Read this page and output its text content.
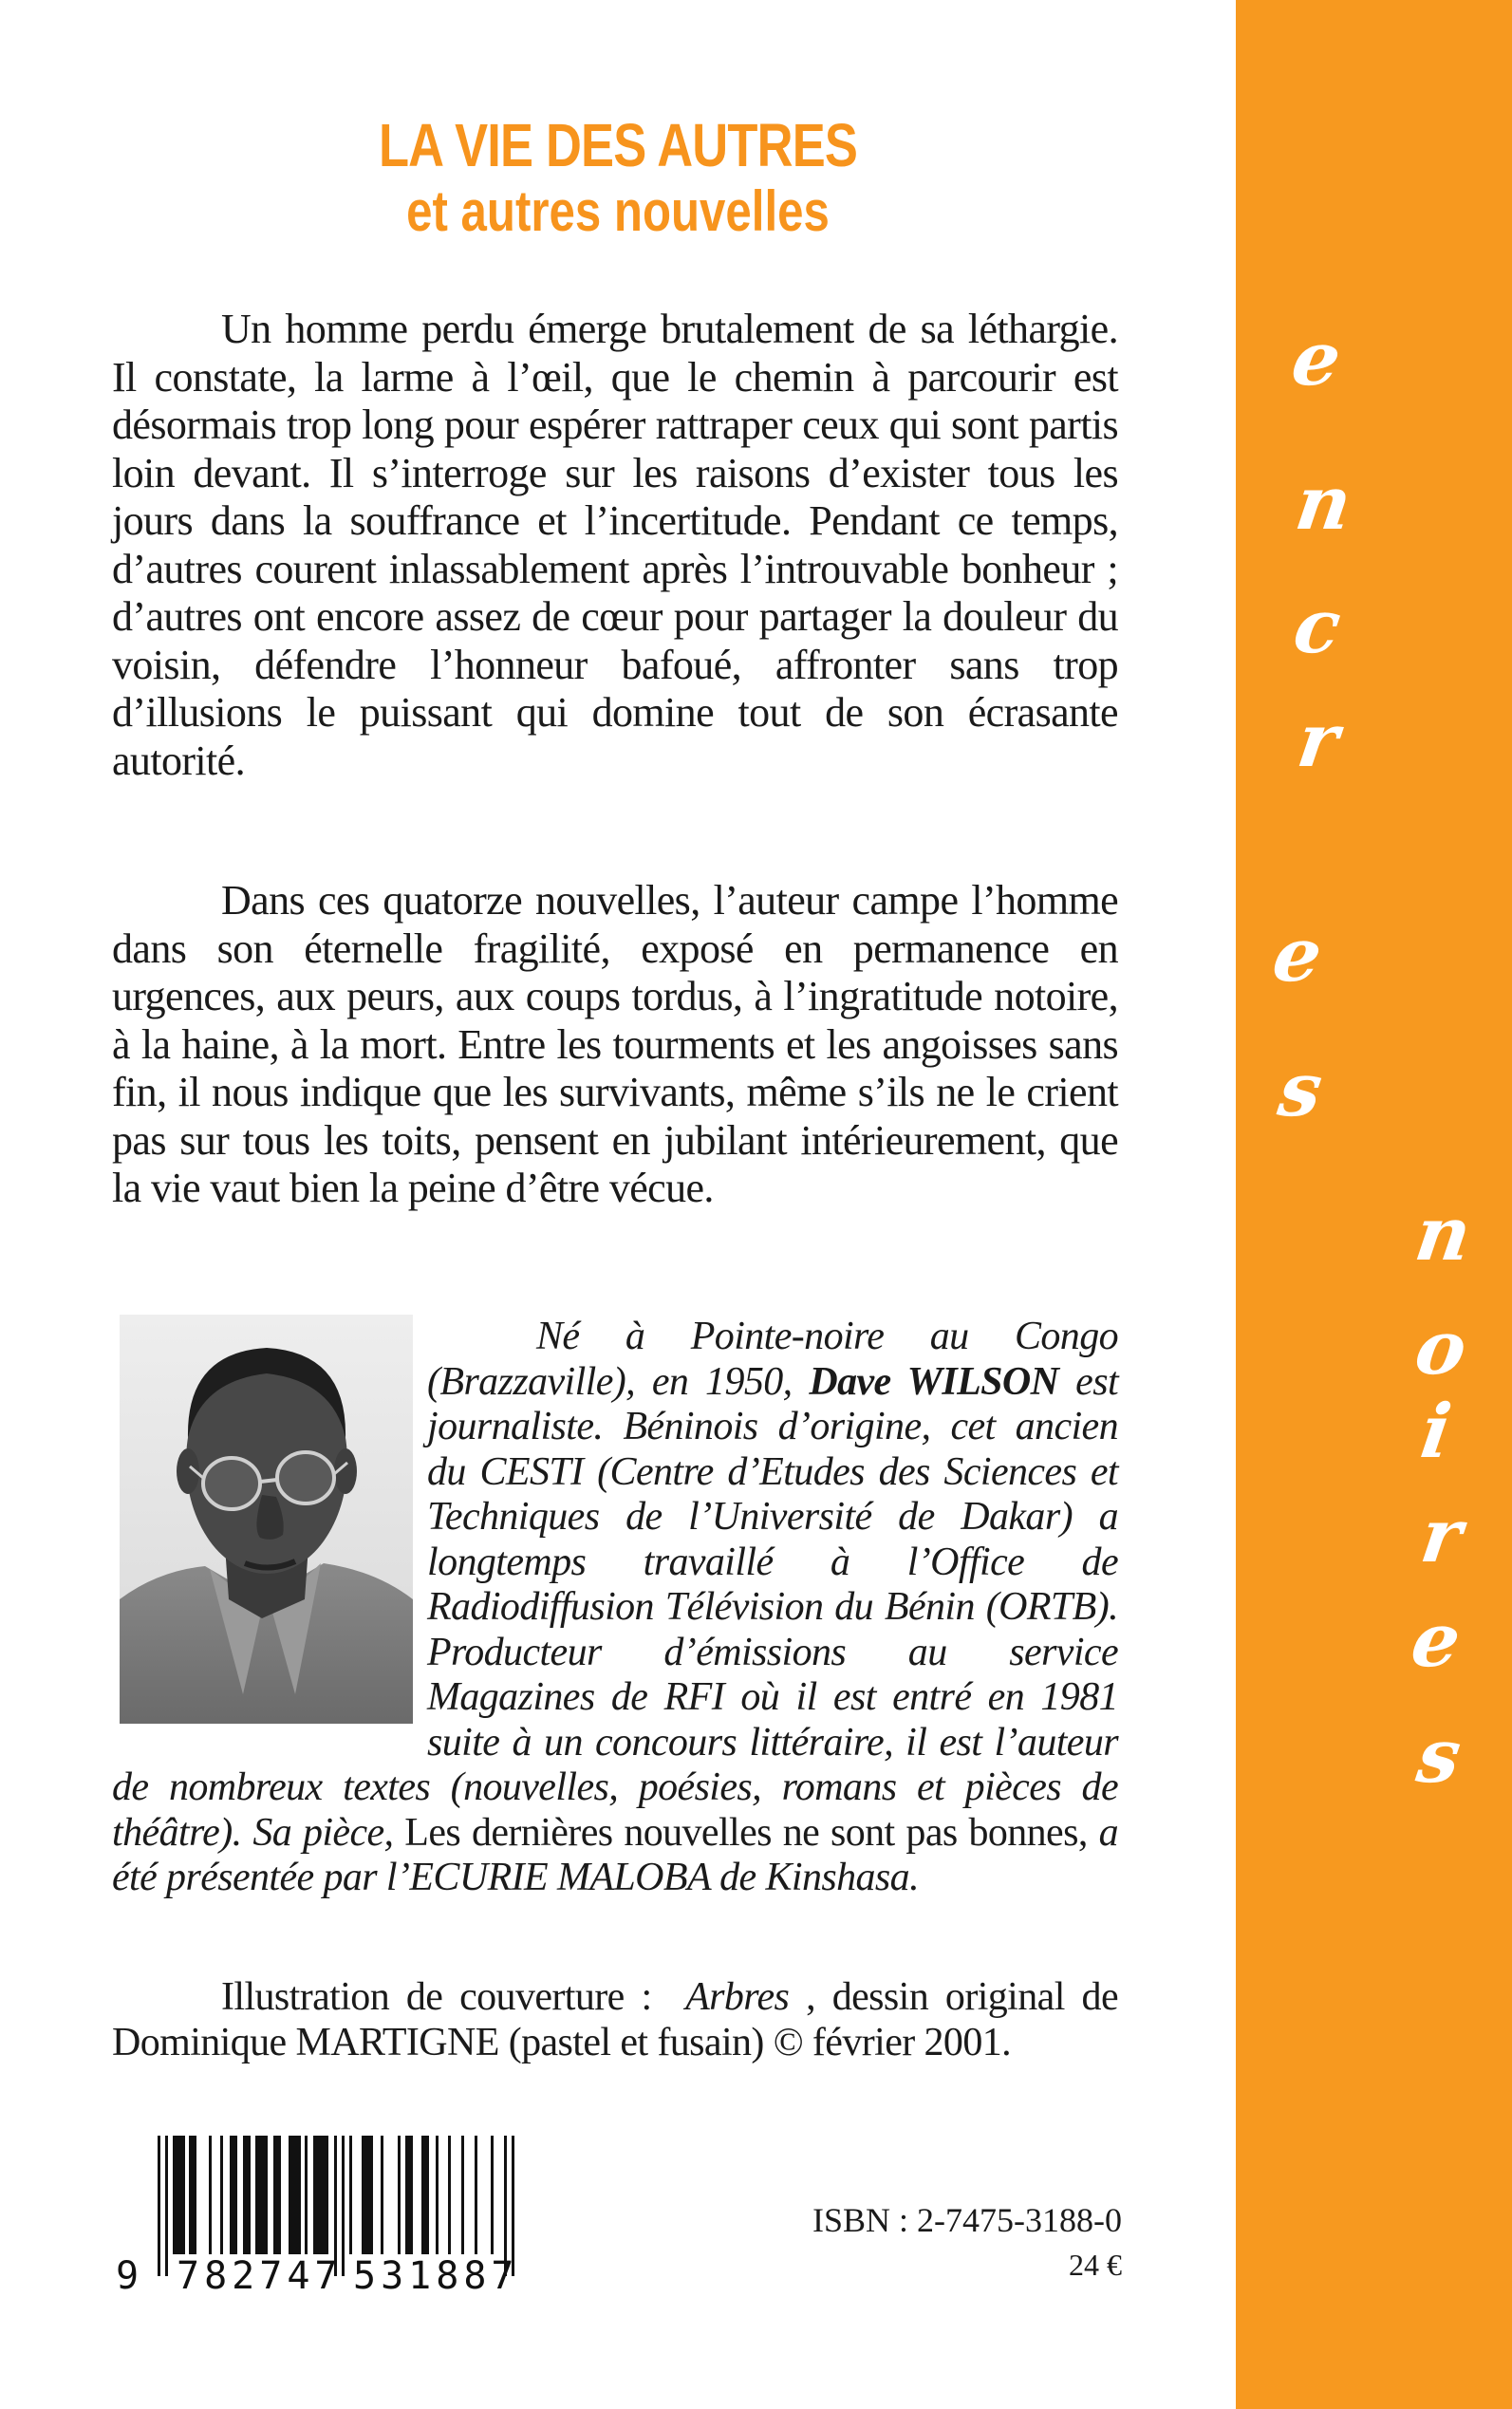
LA VIE DES AUTRES
et autres nouvelles
Un homme perdu émerge brutalement de sa léthargie. Il constate, la larme à l’œil, que le chemin à parcourir est désormais trop long pour espérer rattraper ceux qui sont partis loin devant. Il s’interroge sur les raisons d’exister tous les jours dans la souffrance et l’incertitude. Pendant ce temps, d’autres courent inlassablement après l’introuvable bonheur ; d’autres ont encore assez de cœur pour partager la douleur du voisin, défendre l’honneur bafoué, affronter sans trop d’illusions le puissant qui domine tout de son écrasante autorité.
Dans ces quatorze nouvelles, l’auteur campe l’homme dans son éternelle fragilité, exposé en permanence en urgences, aux peurs, aux coups tordus, à l’ingratitude notoire, à la haine, à la mort. Entre les tourments et les angoisses sans fin, il nous indique que les survivants, même s’ils ne le crient pas sur tous les toits, pensent en jubilant intérieurement, que la vie vaut bien la peine d’être vécue.
Né à Pointe-noire au Congo (Brazzaville), en 1950, Dave WILSON est journaliste. Béninois d’origine, cet ancien du CESTI (Centre d’Etudes des Sciences et Techniques de l’Université de Dakar) a longtemps travaillé à l’Office de Radiodiffusion Télévision du Bénin (ORTB). Producteur d’émissions au service Magazines de RFI où il est entré en 1981 suite à un concours littéraire, il est l’auteur de nombreux textes (nouvelles, poésies, romans et pièces de théâtre). Sa pièce, Les dernières nouvelles ne sont pas bonnes, a été présentée par l’ECURIE MALOBA de Kinshasa.
Illustration de couverture : Arbres , dessin original de Dominique MARTIGNE (pastel et fusain) © février 2001.
9 782747 531887
ISBN : 2-7475-3188-0
24 €
e
n
c
r
e
s
n
o
i
r
e
s
